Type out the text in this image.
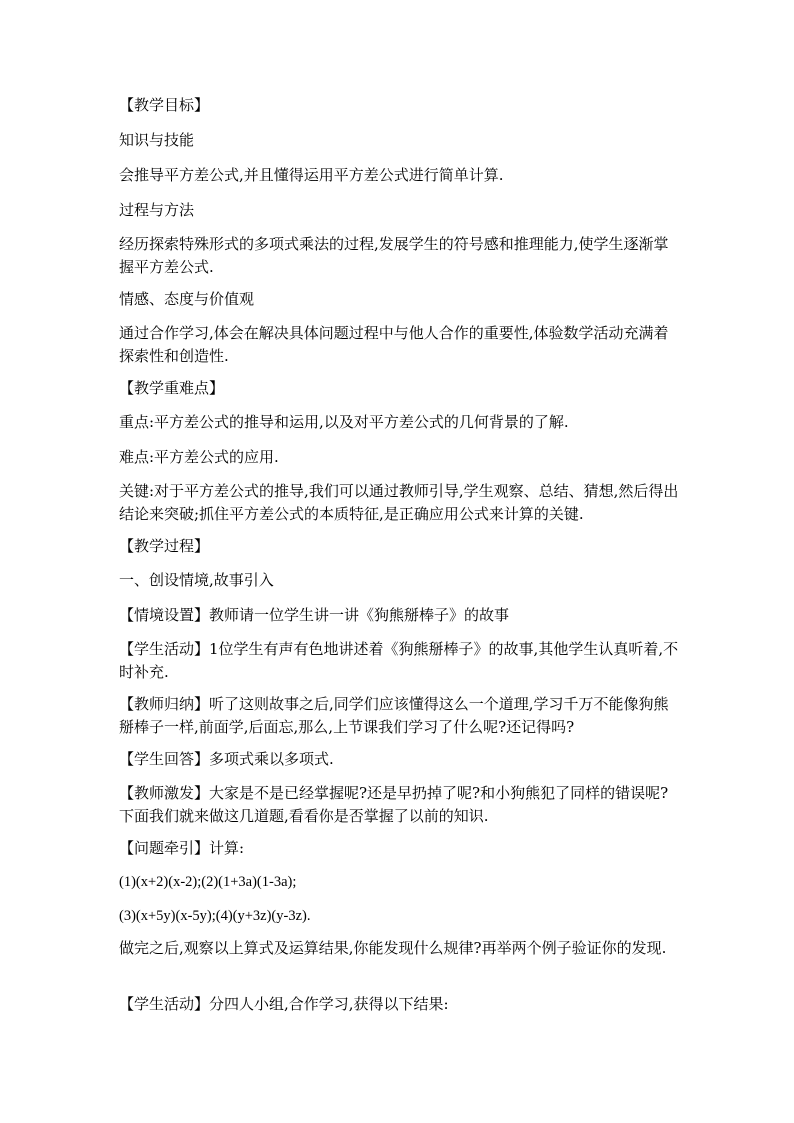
【教学目标】

知识与技能

会推导平方差公式,并且懂得运用平方差公式进行简单计算.

过程与方法

经历探索特殊形式的多项式乘法的过程,发展学生的符号感和推理能力,使学生逐渐掌握平方差公式.

情感、态度与价值观

通过合作学习,体会在解决具体问题过程中与他人合作的重要性,体验数学活动充满着探索性和创造性.

【教学重难点】

重点:平方差公式的推导和运用,以及对平方差公式的几何背景的了解.

难点:平方差公式的应用.

关键:对于平方差公式的推导,我们可以通过教师引导,学生观察、总结、猜想,然后得出结论来突破;抓住平方差公式的本质特征,是正确应用公式来计算的关键.

【教学过程】

一、创设情境,故事引入

【情境设置】教师请一位学生讲一讲《狗熊掰棒子》的故事

【学生活动】1位学生有声有色地讲述着《狗熊掰棒子》的故事,其他学生认真听着,不时补充.

【教师归纳】听了这则故事之后,同学们应该懂得这么一个道理,学习千万不能像狗熊掰棒子一样,前面学,后面忘,那么,上节课我们学习了什么呢?还记得吗?

【学生回答】多项式乘以多项式.

【教师激发】大家是不是已经掌握呢?还是早扔掉了呢?和小狗熊犯了同样的错误呢?下面我们就来做这几道题,看看你是否掌握了以前的知识.

【问题牵引】计算:

(1)(x+2)(x-2);(2)(1+3a)(1-3a);

(3)(x+5y)(x-5y);(4)(y+3z)(y-3z).

做完之后,观察以上算式及运算结果,你能发现什么规律?再举两个例子验证你的发现.

【学生活动】分四人小组,合作学习,获得以下结果:
